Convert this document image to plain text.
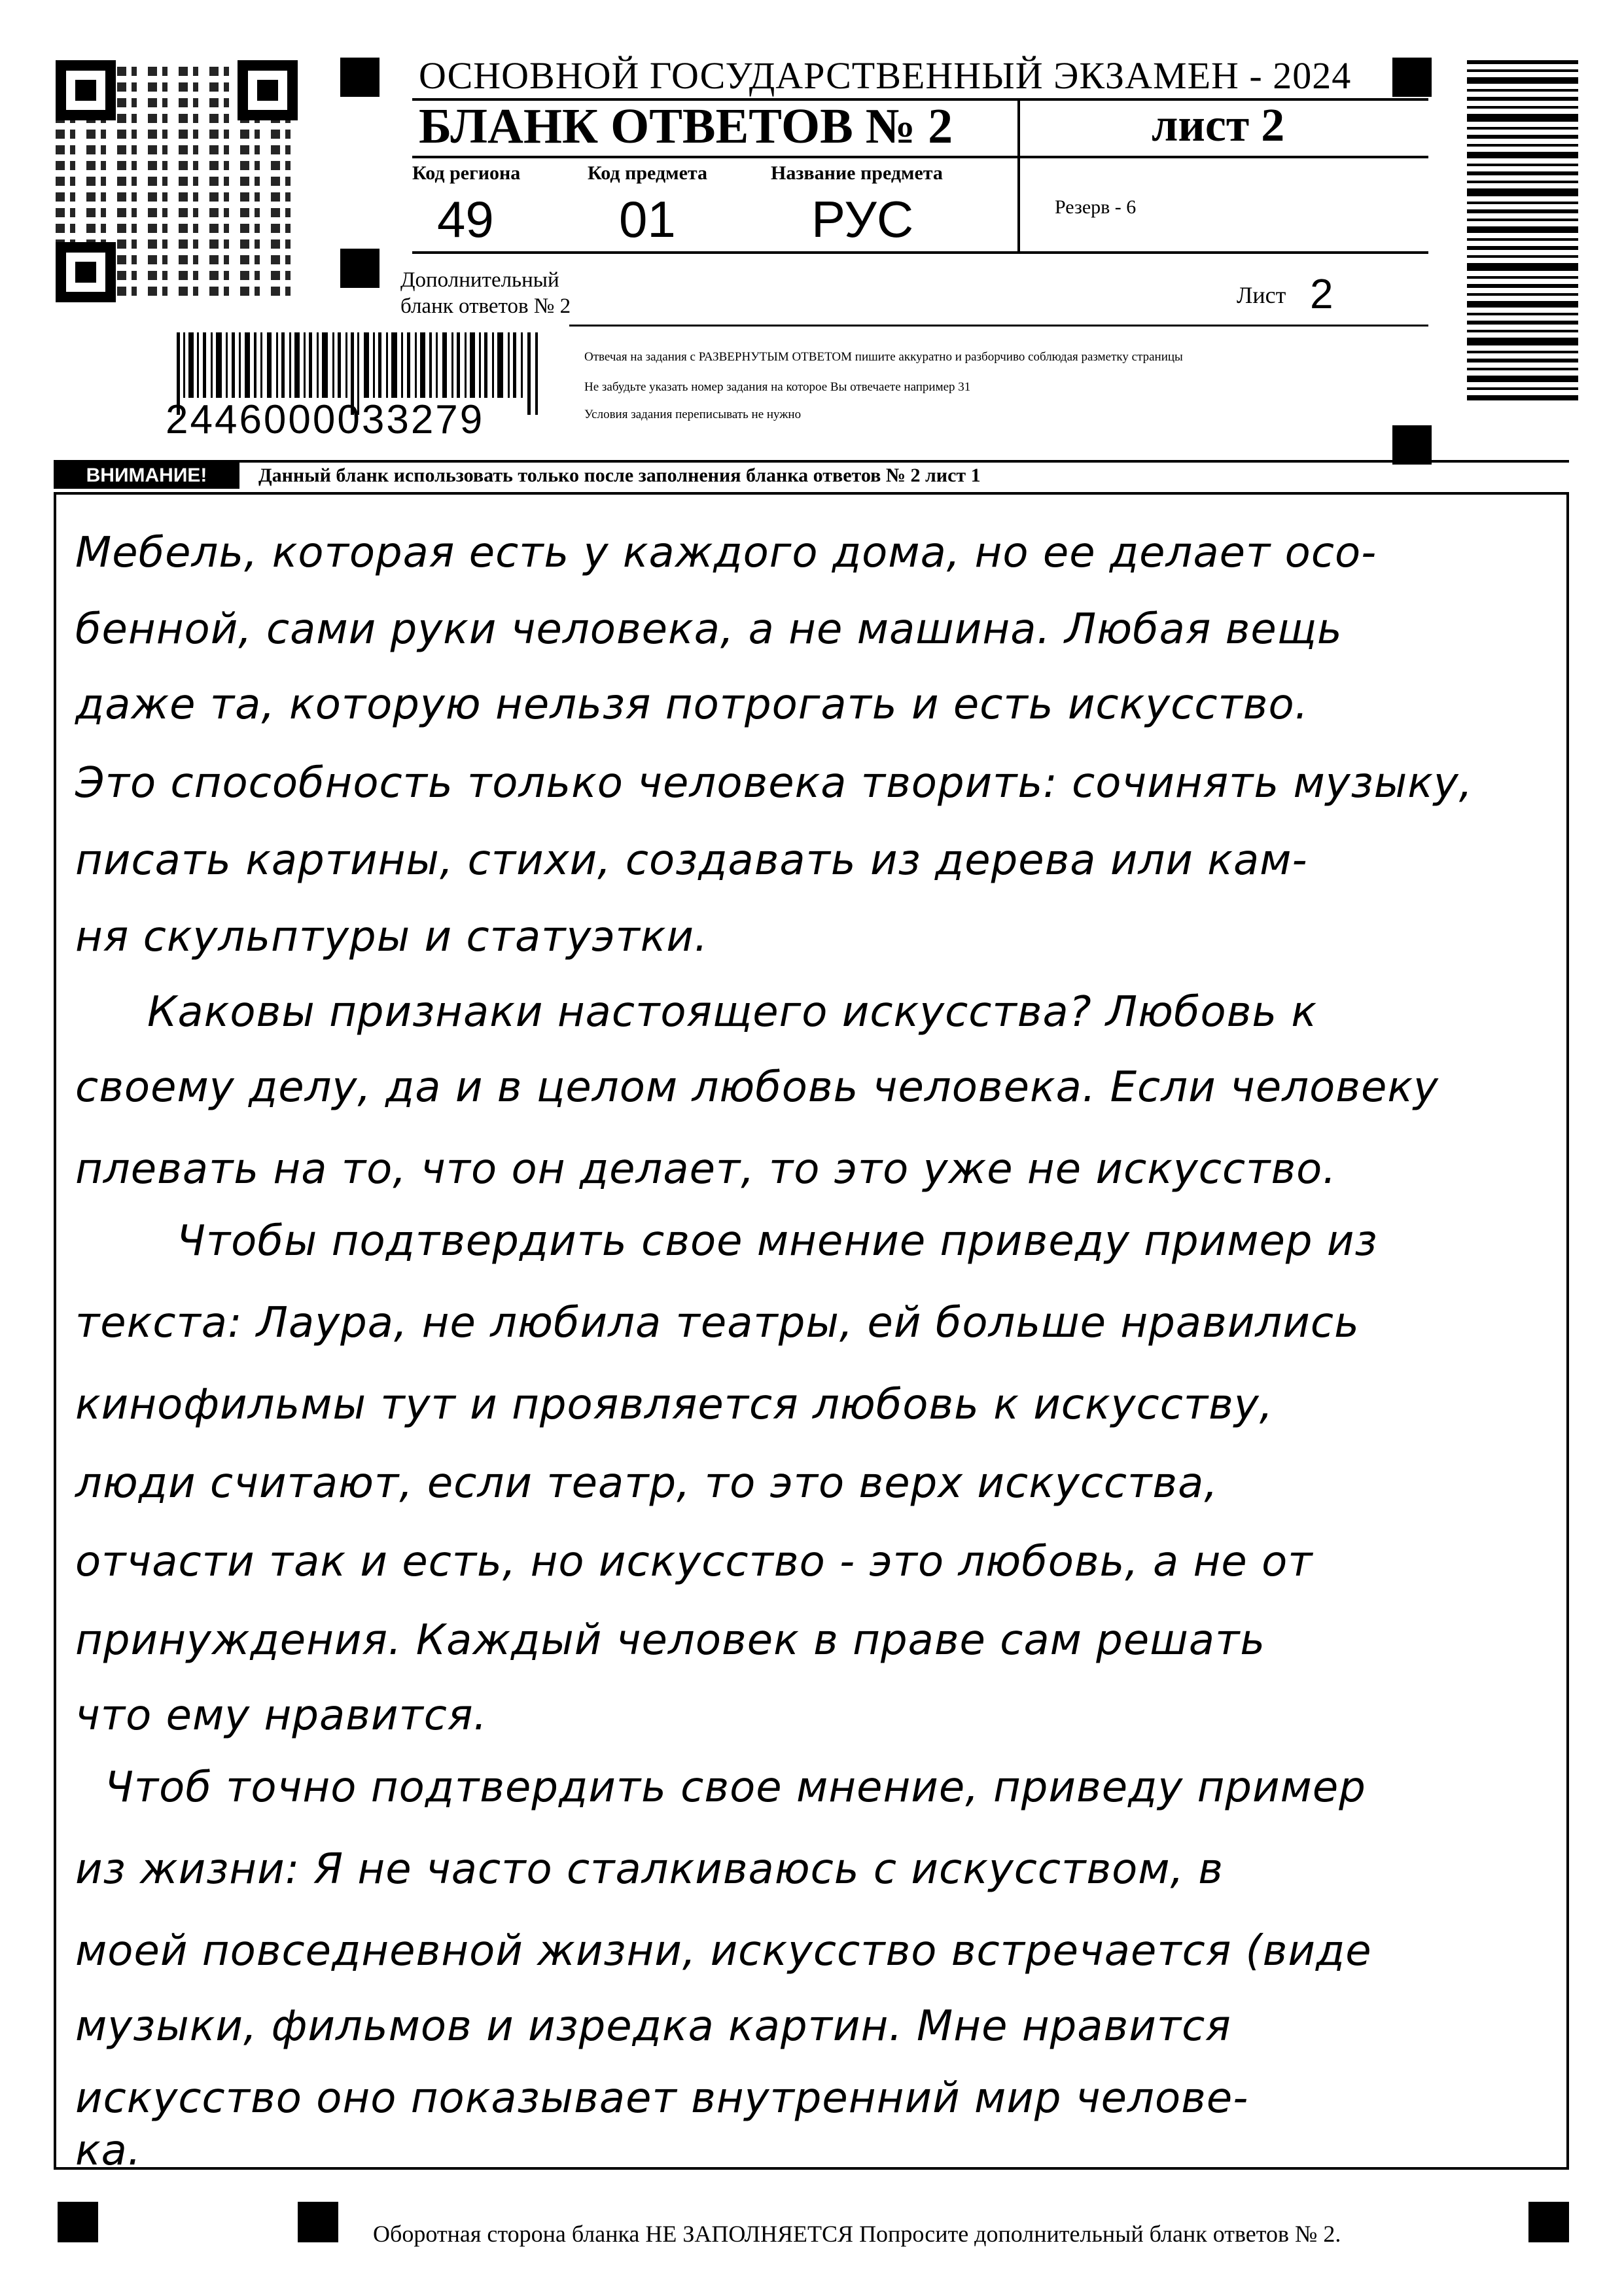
ОСНОВНОЙ ГОСУДАРСТВЕННЫЙ ЭКЗАМЕН - 2024
БЛАНК ОТВЕТОВ № 2	лист 2
Код региона
49
Код предмета
01
Название предмета
РУС	Резерв - 6
Дополнительный
бланк ответов № 2	Лист 2
Отвечая на задания с РАЗВЕРНУТЫМ ОТВЕТОМ пишите аккуратно и разборчиво соблюдая разметку страницы
Не забудьте указать номер задания на которое Вы отвечаете например 31
Условия задания переписывать не нужно
2446000033279
ВНИМАНИЕ!	Данный бланк использовать только после заполнения бланка ответов № 2 лист 1
Мебель, которая есть у каждого дома, но ее делает осо-
бенной, сами руки человека, а не машина. Любая вещь
даже та, которую нельзя потрогать и есть искусство.
Это способность только человека творить: сочинять музыку,
писать картины, стихи, создавать из дерева или кам-
ня скульптуры и статуэтки.
Каковы признаки настоящего искусства? Любовь к
своему делу, да и в целом любовь человека. Если человеку
плевать на то, что он делает, то это уже не искусство.
Чтобы подтвердить свое мнение приведу пример из
текста: Лаура, не любила театры, ей больше нравились
кинофильмы тут и проявляется любовь к искусству,
люди считают, если театр, то это верх искусства,
отчасти так и есть, но искусство - это любовь, а не от
принуждения. Каждый человек в праве сам решать
что ему нравится.
Чтоб точно подтвердить свое мнение, приведу пример
из жизни: Я не часто сталкиваюсь с искусством, в
моей повседневной жизни, искусство встречается (виде
музыки, фильмов и изредка картин. Мне нравится
искусство оно показывает внутренний мир челове-
ка.
Оборотная сторона бланка НЕ ЗАПОЛНЯЕТСЯ Попросите дополнительный бланк ответов № 2.
